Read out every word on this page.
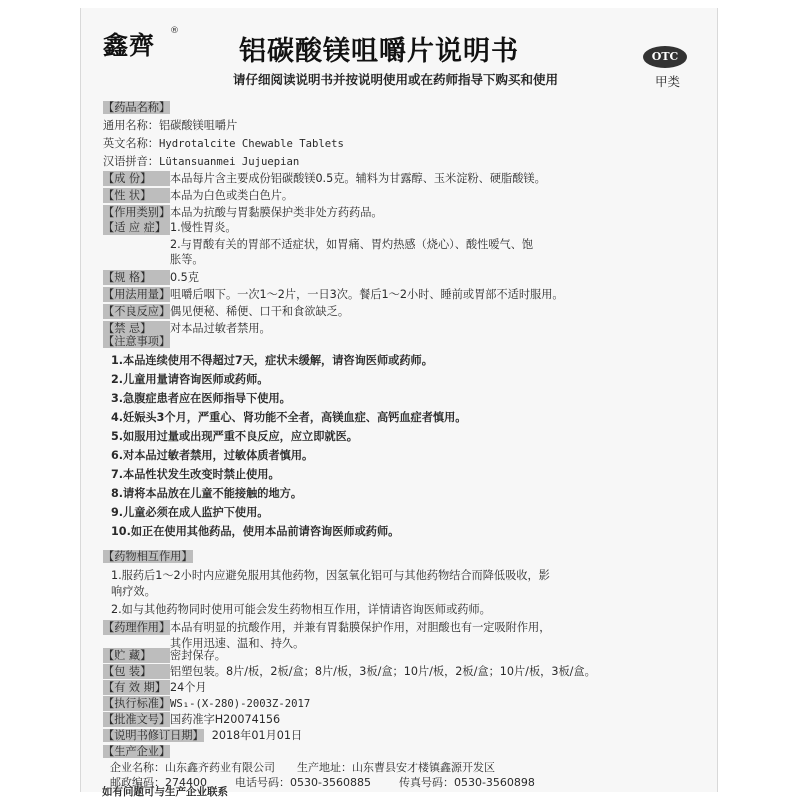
鑫齊 ®
铝碳酸镁咀嚼片说明书
请仔细阅读说明书并按说明使用或在药师指导下购买和使用
OTC
甲类
【药品名称】
通用名称：铝碳酸镁咀嚼片
英文名称：Hydrotalcite Chewable Tablets
汉语拼音：Lütansuanmei Jujuepian
【成 份】 本品每片含主要成份铝碳酸镁0.5克。辅料为甘露醇、玉米淀粉、硬脂酸镁。
【性 状】 本品为白色或类白色片。
【作用类别】本品为抗酸与胃黏膜保护类非处方药药品。
【适 应 症】 1.慢性胃炎。
2.与胃酸有关的胃部不适症状，如胃痛、胃灼热感（烧心）、酸性嗳气、饱
胀等。
【规 格】 0.5克
【用法用量】咀嚼后咽下。一次1～2片，一日3次。餐后1～2小时、睡前或胃部不适时服用。
【不良反应】偶见便秘、稀便、口干和食欲缺乏。
【禁 忌】 对本品过敏者禁用。
【注意事项】
1.本品连续使用不得超过7天，症状未缓解，请咨询医师或药师。
2.儿童用量请咨询医师或药师。
3.急腹症患者应在医师指导下使用。
4.妊娠头3个月，严重心、肾功能不全者，高镁血症、高钙血症者慎用。
5.如服用过量或出现严重不良反应，应立即就医。
6.对本品过敏者禁用，过敏体质者慎用。
7.本品性状发生改变时禁止使用。
8.请将本品放在儿童不能接触的地方。
9.儿童必须在成人监护下使用。
10.如正在使用其他药品，使用本品前请咨询医师或药师。
【药物相互作用】
1.服药后1～2小时内应避免服用其他药物，因氢氧化铝可与其他药物结合而降低吸收，影
响疗效。
2.如与其他药物同时使用可能会发生药物相互作用，详情请咨询医师或药师。
【药理作用】本品有明显的抗酸作用，并兼有胃黏膜保护作用，对胆酸也有一定吸附作用，
其作用迅速、温和、持久。
【贮 藏】 密封保存。
【包 装】 铝塑包装。8片/板，2板/盒；8片/板，3板/盒；10片/板，2板/盒；10片/板，3板/盒。
【有 效 期】 24个月
【执行标准】WS₁-(X-280)-2003Z-2017
【批准文号】国药准字H20074156
【说明书修订日期】 2018年01月01日
【生产企业】
企业名称：山东鑫齐药业有限公司 生产地址：山东曹县安才楼镇鑫源开发区
邮政编码：274400	电话号码：0530-3560885	传真号码：0530-3560898
如有问题可与生产企业联系
